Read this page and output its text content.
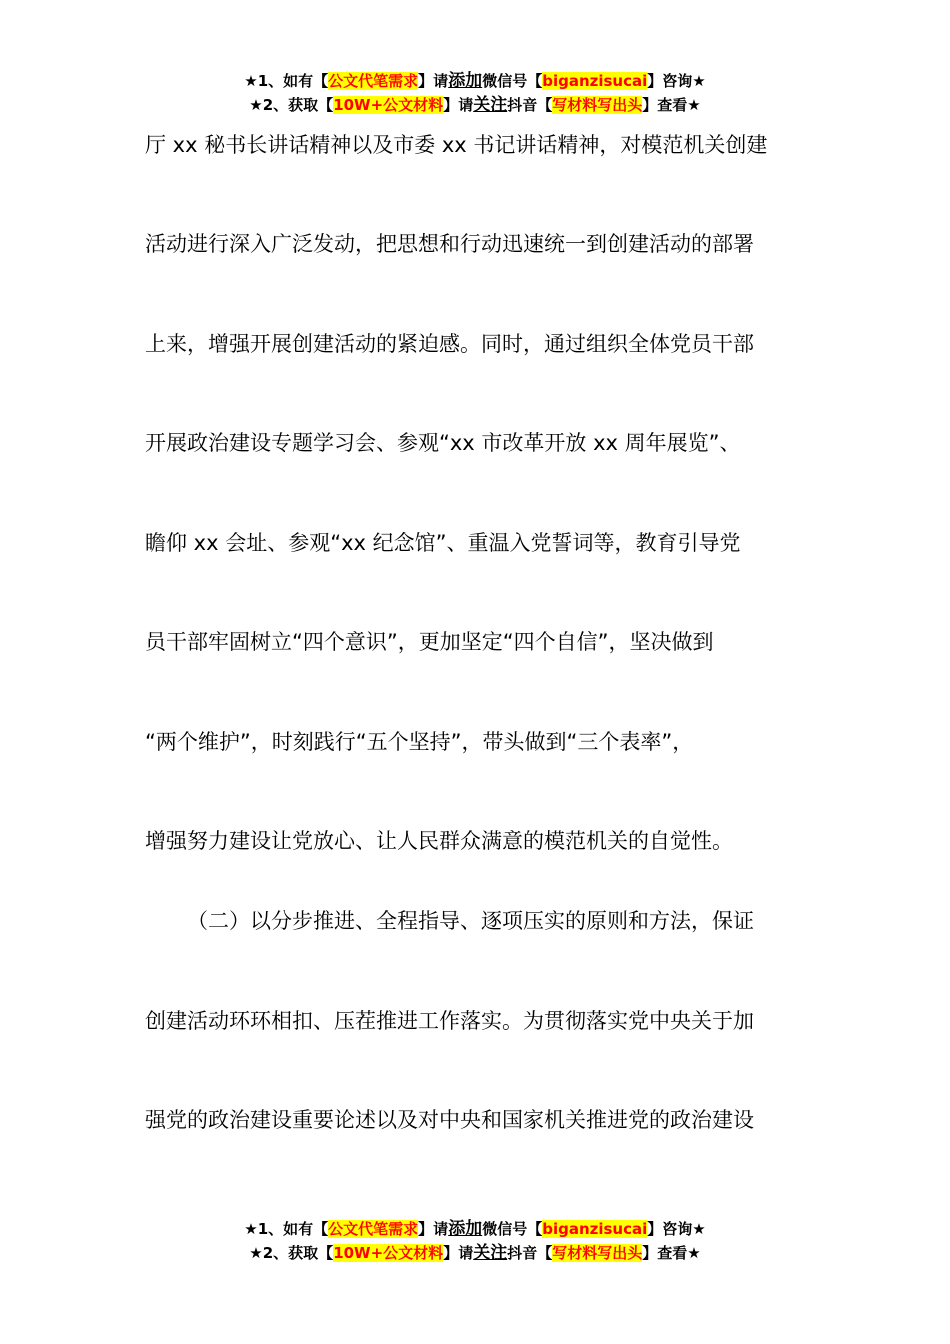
★1、如有【公文代笔需求】请添加微信号【biganzisucai】咨询★
★2、获取【10W+公文材料】请关注抖音【写材料写出头】查看★
厅 xx 秘书长讲话精神以及市委 xx 书记讲话精神，对模范机关创建
活动进行深入广泛发动，把思想和行动迅速统一到创建活动的部署
上来，增强开展创建活动的紧迫感。同时，通过组织全体党员干部
开展政治建设专题学习会、参观“xx 市改革开放 xx 周年展览”、
瞻仰 xx 会址、参观“xx 纪念馆”、重温入党誓词等，教育引导党
员干部牢固树立“四个意识”，更加坚定“四个自信”，坚决做到
“两个维护”，时刻践行“五个坚持”，带头做到“三个表率”，
增强努力建设让党放心、让人民群众满意的模范机关的自觉性。
（二）以分步推进、全程指导、逐项压实的原则和方法，保证
创建活动环环相扣、压茬推进工作落实。为贯彻落实党中央关于加
强党的政治建设重要论述以及对中央和国家机关推进党的政治建设
★1、如有【公文代笔需求】请添加微信号【biganzisucai】咨询★
★2、获取【10W+公文材料】请关注抖音【写材料写出头】查看★
